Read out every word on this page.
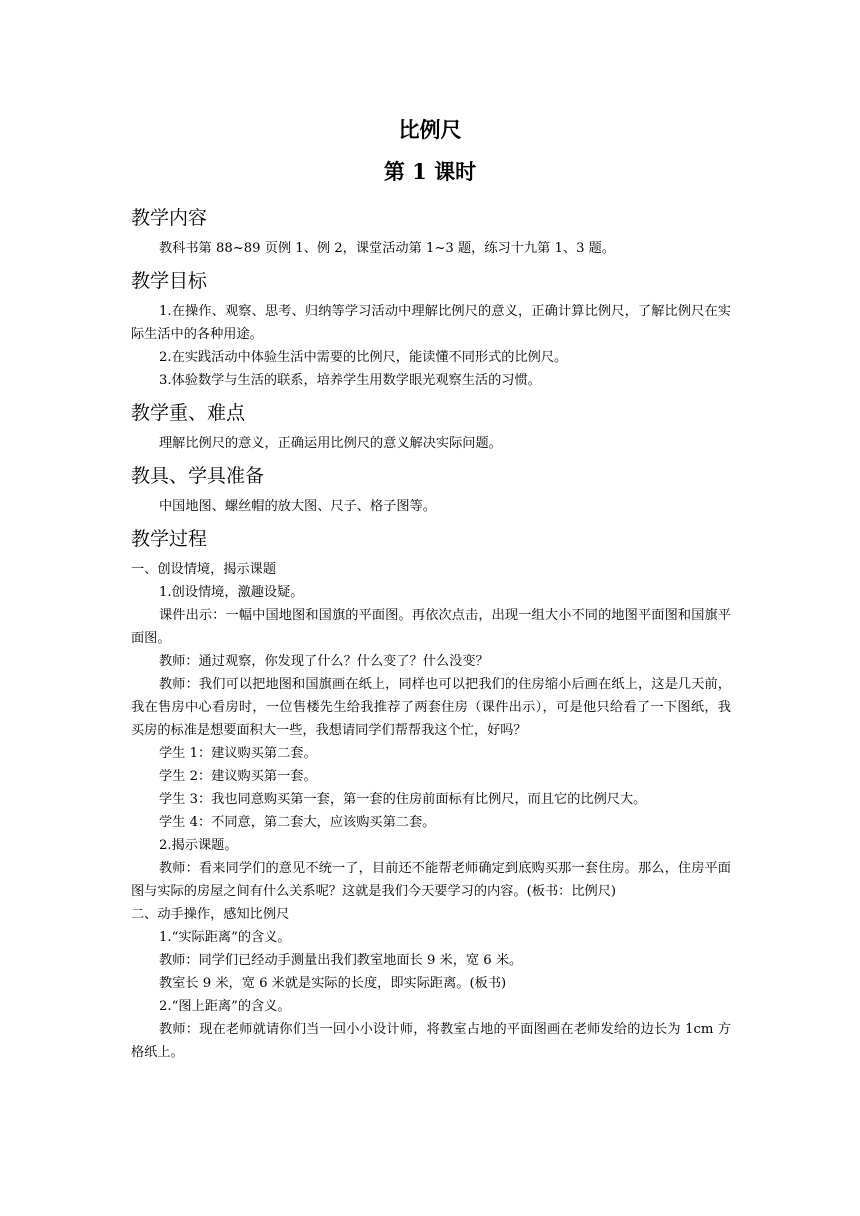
比例尺
第 1 课时
教学内容

教科书第 88~89 页例 1、例 2，课堂活动第 1~3 题，练习十九第 1、3 题。

教学目标

1.在操作、观察、思考、归纳等学习活动中理解比例尺的意义，正确计算比例尺，了解比例尺在实际生活中的各种用途。

2.在实践活动中体验生活中需要的比例尺，能读懂不同形式的比例尺。

3.体验数学与生活的联系，培养学生用数学眼光观察生活的习惯。

教学重、难点

理解比例尺的意义，正确运用比例尺的意义解决实际问题。

教具、学具准备

中国地图、螺丝帽的放大图、尺子、格子图等。

教学过程

一、创设情境，揭示课题

1.创设情境，激趣设疑。

课件出示：一幅中国地图和国旗的平面图。再依次点击，出现一组大小不同的地图平面图和国旗平面图。

教师：通过观察，你发现了什么？什么变了？什么没变？

教师：我们可以把地图和国旗画在纸上，同样也可以把我们的住房缩小后画在纸上，这是几天前，我在售房中心看房时，一位售楼先生给我推荐了两套住房（课件出示），可是他只给看了一下图纸，我买房的标准是想要面积大一些，我想请同学们帮帮我这个忙，好吗？

学生 1：建议购买第二套。

学生 2：建议购买第一套。

学生 3：我也同意购买第一套，第一套的住房前面标有比例尺，而且它的比例尺大。

学生 4：不同意，第二套大，应该购买第二套。

2.揭示课题。

教师：看来同学们的意见不统一了，目前还不能帮老师确定到底购买那一套住房。那么，住房平面图与实际的房屋之间有什么关系呢？这就是我们今天要学习的内容。(板书：比例尺)

二、动手操作，感知比例尺

1.“实际距离”的含义。

教师：同学们已经动手测量出我们教室地面长 9 米，宽 6 米。

教室长 9 米，宽 6 米就是实际的长度，即实际距离。(板书)

2.“图上距离”的含义。

教师：现在老师就请你们当一回小小设计师，将教室占地的平面图画在老师发给的边长为 1cm 方格纸上。
